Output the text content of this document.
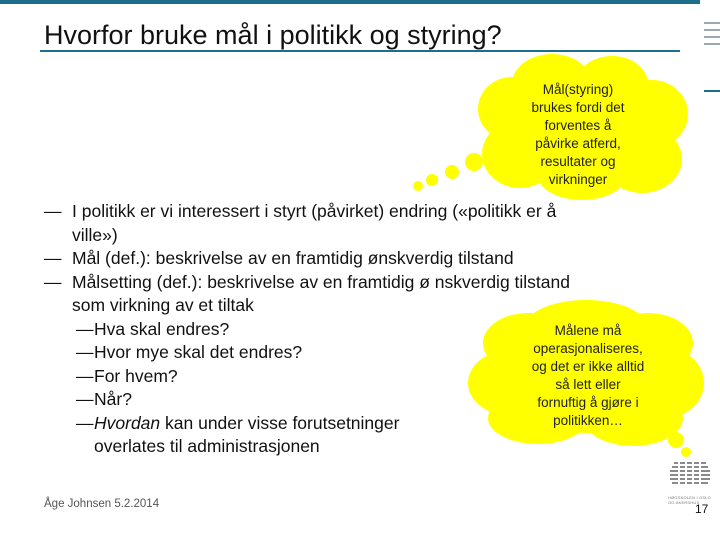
Hvorfor bruke mål i politikk og styring?
Mål(styring)
brukes fordi det
forventes å
påvirke atferd,
resultater og
virkninger
Målene må
operasjonaliseres,
og det er ikke alltid
så lett eller
fornuftig å gjøre i
politikken…
— I politikk er vi interessert i styrt (påvirket) endring («politikk er å
ville»)
— Mål (def.): beskrivelse av en framtidig ønskverdig tilstand
— Målsetting (def.): beskrivelse av en framtidig ø nskverdig tilstand
som virkning av et tiltak
— Hva skal endres?
— Hvor mye skal det endres?
— For hvem?
— Når?
— Hvordan kan under visse forutsetninger
overlates til administrasjonen
Åge Johnsen 5.2.2014
HØGSKOLEN I OSLO
OG AKERSHUS
17
